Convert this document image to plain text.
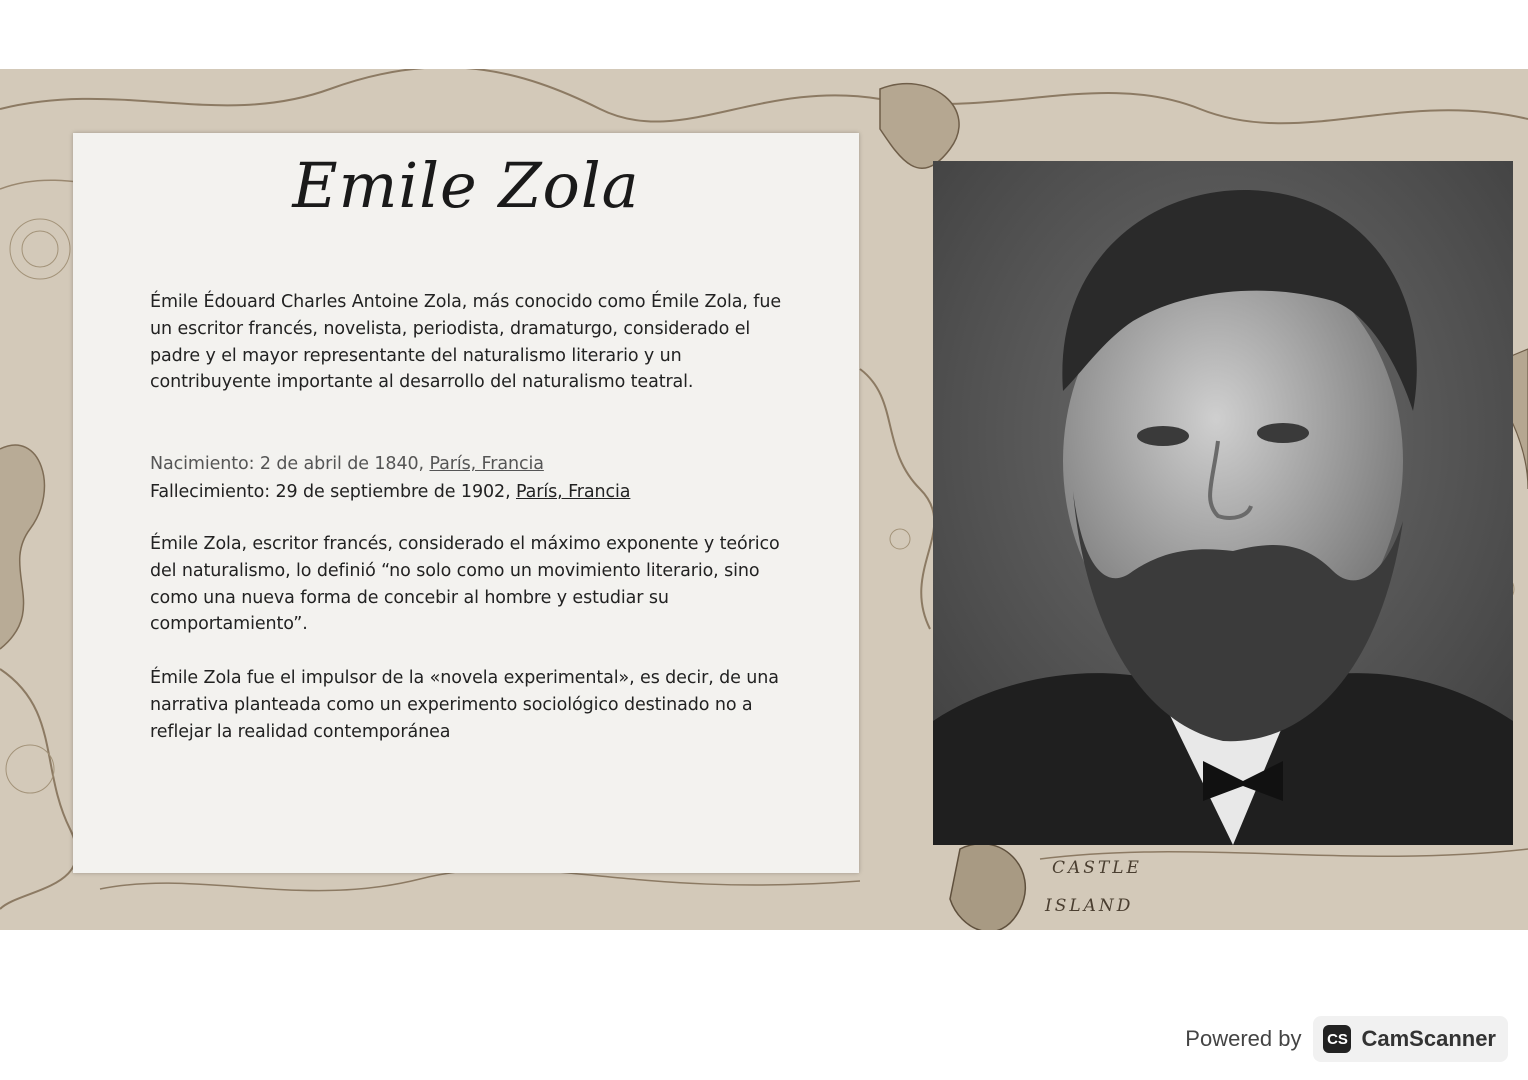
CASTLE
ISLAND
Emile Zola

Émile Édouard Charles Antoine Zola, más conocido como Émile Zola, fue un escritor francés, novelista, periodista, dramaturgo, considerado el padre y el mayor representante del naturalismo literario y un contribuyente importante al desarrollo del naturalismo teatral.

Nacimiento: 2 de abril de 1840, París, Francia

Fallecimiento: 29 de septiembre de 1902, París, Francia

Émile Zola, escritor francés, considerado el máximo exponente y teórico del naturalismo, lo definió “no solo como un movimiento literario, sino como una nueva forma de concebir al hombre y estudiar su comportamiento”.

Émile Zola fue el impulsor de la «novela experimental», es decir, de una narrativa planteada como un experimento sociológico destinado no a reflejar la realidad contemporánea

Powered by CS CamScanner
